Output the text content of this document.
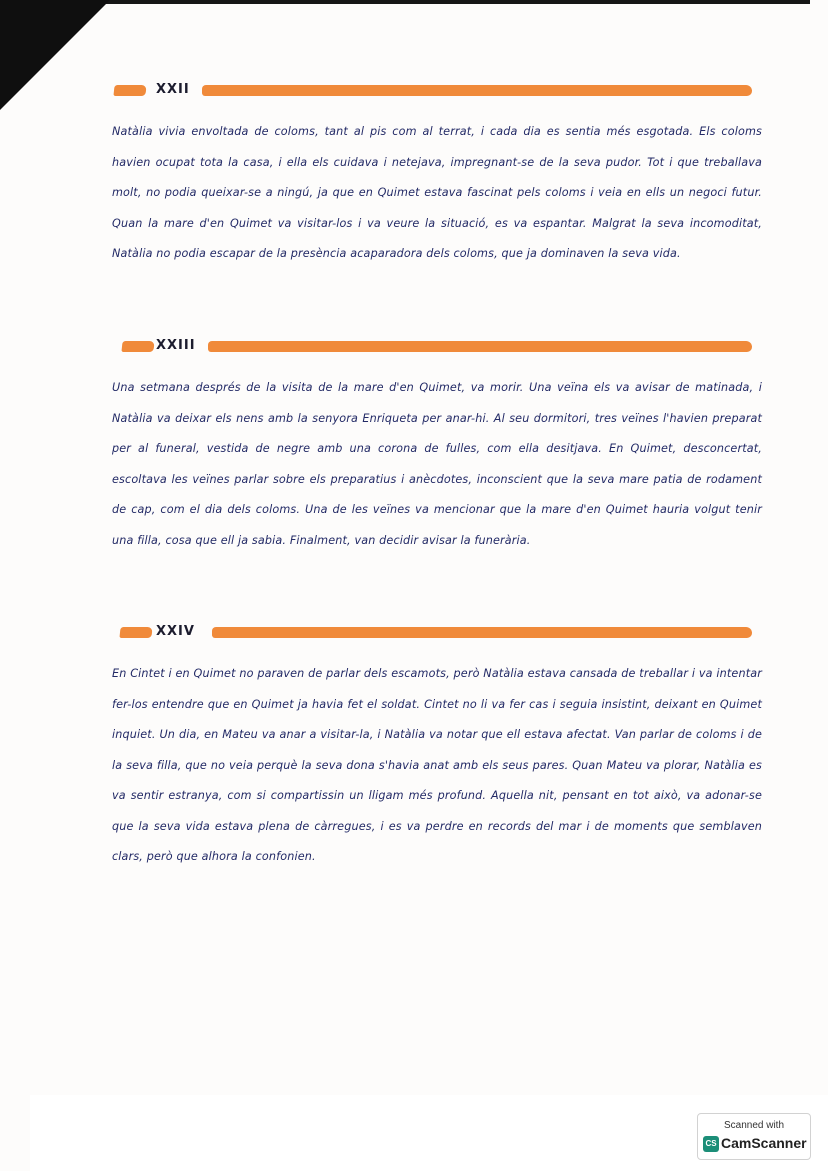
XXII

Natàlia vivia envoltada de coloms, tant al pis com al terrat, i cada dia es sentia més esgotada. Els coloms havien ocupat tota la casa, i ella els cuidava i netejava, impregnant-se de la seva pudor. Tot i que treballava molt, no podia queixar-se a ningú, ja que en Quimet estava fascinat pels coloms i veia en ells un negoci futur. Quan la mare d'en Quimet va visitar-los i va veure la situació, es va espantar. Malgrat la seva incomoditat, Natàlia no podia escapar de la presència acaparadora dels coloms, que ja dominaven la seva vida.

XXIII

Una setmana després de la visita de la mare d'en Quimet, va morir. Una veïna els va avisar de matinada, i Natàlia va deixar els nens amb la senyora Enriqueta per anar-hi. Al seu dormitori, tres veïnes l'havien preparat per al funeral, vestida de negre amb una corona de fulles, com ella desitjava. En Quimet, desconcertat, escoltava les veïnes parlar sobre els preparatius i anècdotes, inconscient que la seva mare patia de rodament de cap, com el dia dels coloms. Una de les veïnes va mencionar que la mare d'en Quimet hauria volgut tenir una filla, cosa que ell ja sabia. Finalment, van decidir avisar la funerària.

XXIV

En Cintet i en Quimet no paraven de parlar dels escamots, però Natàlia estava cansada de treballar i va intentar fer-los entendre que en Quimet ja havia fet el soldat. Cintet no li va fer cas i seguia insistint, deixant en Quimet inquiet. Un dia, en Mateu va anar a visitar-la, i Natàlia va notar que ell estava afectat. Van parlar de coloms i de la seva filla, que no veia perquè la seva dona s'havia anat amb els seus pares. Quan Mateu va plorar, Natàlia es va sentir estranya, com si compartissin un lligam més profund. Aquella nit, pensant en tot això, va adonar-se que la seva vida estava plena de càrregues, i es va perdre en records del mar i de moments que semblaven clars, però que alhora la confonien.

Scanned with
CS CamScanner
